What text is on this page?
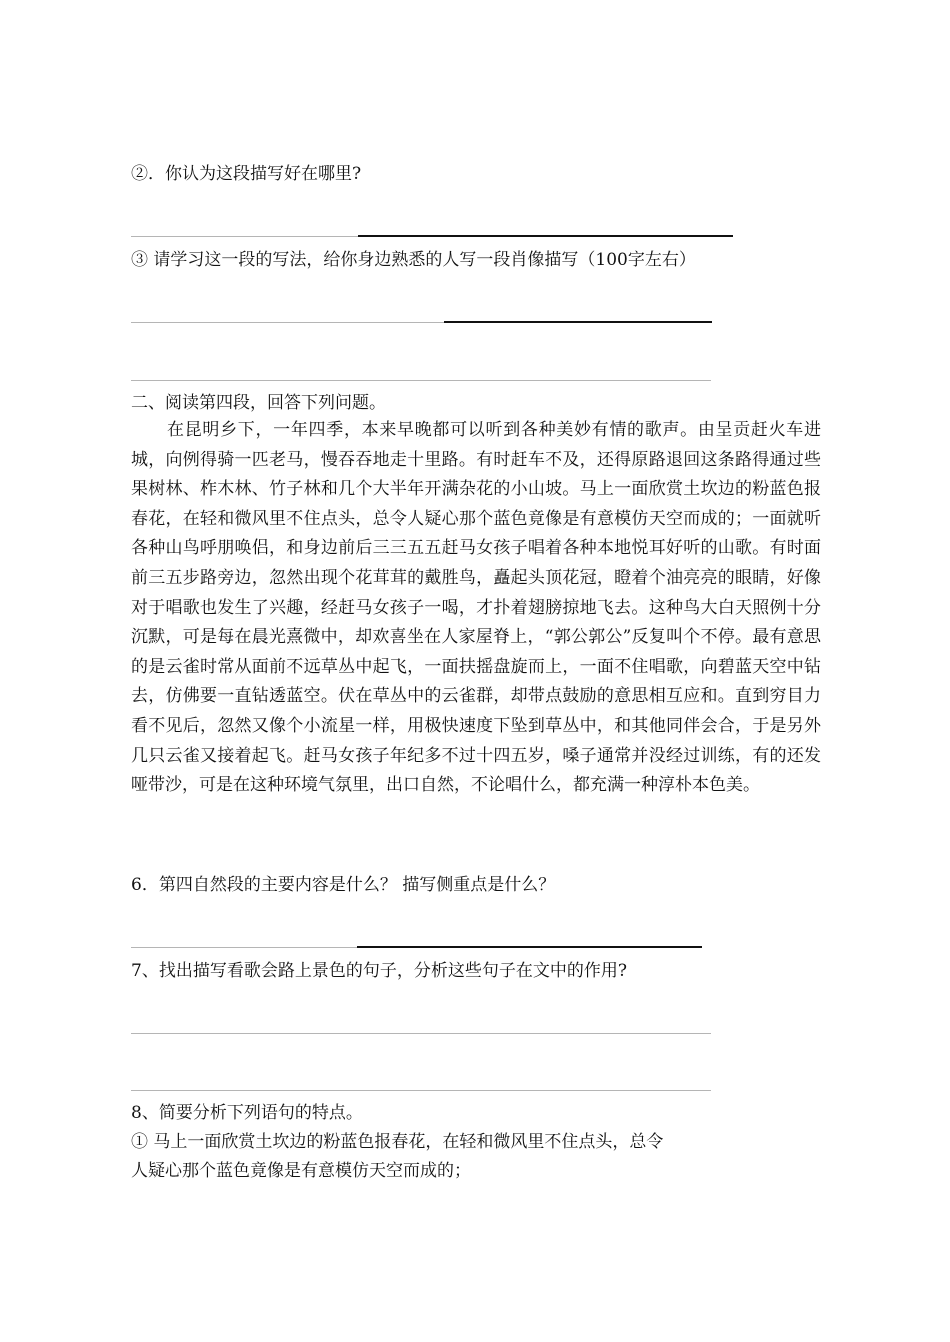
②．你认为这段描写好在哪里?
③ 请学习这一段的写法，给你身边熟悉的人写一段肖像描写（100字左右）
二、阅读第四段，回答下列问题。
在昆明乡下，一年四季，本来早晚都可以听到各种美妙有情的歌声。由呈贡赶火车进城，向例得骑一匹老马，慢吞吞地走十里路。有时赶车不及，还得原路退回这条路得通过些果树林、柞木林、竹子林和几个大半年开满杂花的小山坡。马上一面欣赏土坎边的粉蓝色报春花，在轻和微风里不住点头，总令人疑心那个蓝色竟像是有意模仿天空而成的；一面就听各种山鸟呼朋唤侣，和身边前后三三五五赶马女孩子唱着各种本地悦耳好听的山歌。有时面前三五步路旁边，忽然出现个花茸茸的戴胜鸟，矗起头顶花冠，瞪着个油亮亮的眼睛，好像对于唱歌也发生了兴趣，经赶马女孩子一喝，才扑着翅膀掠地飞去。这种鸟大白天照例十分沉默，可是每在晨光熹微中，却欢喜坐在人家屋脊上，“郭公郭公”反复叫个不停。最有意思的是云雀时常从面前不远草丛中起飞，一面扶摇盘旋而上，一面不住唱歌，向碧蓝天空中钻去，仿佛要一直钻透蓝空。伏在草丛中的云雀群，却带点鼓励的意思相互应和。直到穷目力看不见后，忽然又像个小流星一样，用极快速度下坠到草丛中，和其他同伴会合，于是另外几只云雀又接着起飞。赶马女孩子年纪多不过十四五岁，嗓子通常并没经过训练，有的还发哑带沙，可是在这种环境气氛里，出口自然，不论唱什么，都充满一种淳朴本色美。
6．第四自然段的主要内容是什么？ 描写侧重点是什么？
7、找出描写看歌会路上景色的句子，分析这些句子在文中的作用?
8、简要分析下列语句的特点。
① 马上一面欣赏土坎边的粉蓝色报春花，在轻和微风里不住点头，总令
人疑心那个蓝色竟像是有意模仿天空而成的；
